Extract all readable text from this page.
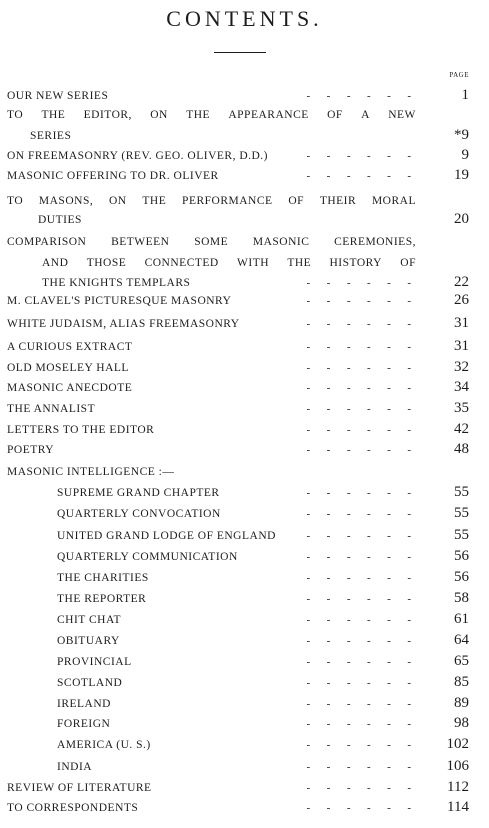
CONTENTS.
PAGE
OUR NEW SERIES	-      -      -      -      -      -	1
TO THE EDITOR, ON THE APPEARANCE OF A NEW
SERIES	*9
ON FREEMASONRY (REV. GEO. OLIVER, D.D.)	-      -      -      -      -      -	9
MASONIC OFFERING TO DR. OLIVER	-      -      -      -      -      -	19
TO MASONS, ON THE PERFORMANCE OF THEIR MORAL
DUTIES	20
COMPARISON BETWEEN SOME MASONIC CEREMONIES,
AND THOSE CONNECTED WITH THE HISTORY OF
THE KNIGHTS TEMPLARS	-      -      -      -      -      -	22
M. CLAVEL'S PICTURESQUE MASONRY	-      -      -      -      -      -	26
WHITE JUDAISM, ALIAS FREEMASONRY	-      -      -      -      -      -	31
A CURIOUS EXTRACT	-      -      -      -      -      -	31
OLD MOSELEY HALL	-      -      -      -      -      -	32
MASONIC ANECDOTE	-      -      -      -      -      -	34
THE ANNALIST	-      -      -      -      -      -	35
LETTERS TO THE EDITOR	-      -      -      -      -      -	42
POETRY	-      -      -      -      -      -	48
MASONIC INTELLIGENCE :—
SUPREME GRAND CHAPTER	-      -      -      -      -      -	55
QUARTERLY CONVOCATION	-      -      -      -      -      -	55
UNITED GRAND LODGE OF ENGLAND	-      -      -      -      -      -	55
QUARTERLY COMMUNICATION	-      -      -      -      -      -	56
THE CHARITIES	-      -      -      -      -      -	56
THE REPORTER	-      -      -      -      -      -	58
CHIT CHAT	-      -      -      -      -      -	61
OBITUARY	-      -      -      -      -      -	64
PROVINCIAL	-      -      -      -      -      -	65
SCOTLAND	-      -      -      -      -      -	85
IRELAND	-      -      -      -      -      -	89
FOREIGN	-      -      -      -      -      -	98
AMERICA (U. S.)	-      -      -      -      -      - 102
INDIA	-      -      -      -      -      - 106
REVIEW OF LITERATURE	-      -      -      -      -      - 112
TO CORRESPONDENTS	-      -      -      -      -      - 114
